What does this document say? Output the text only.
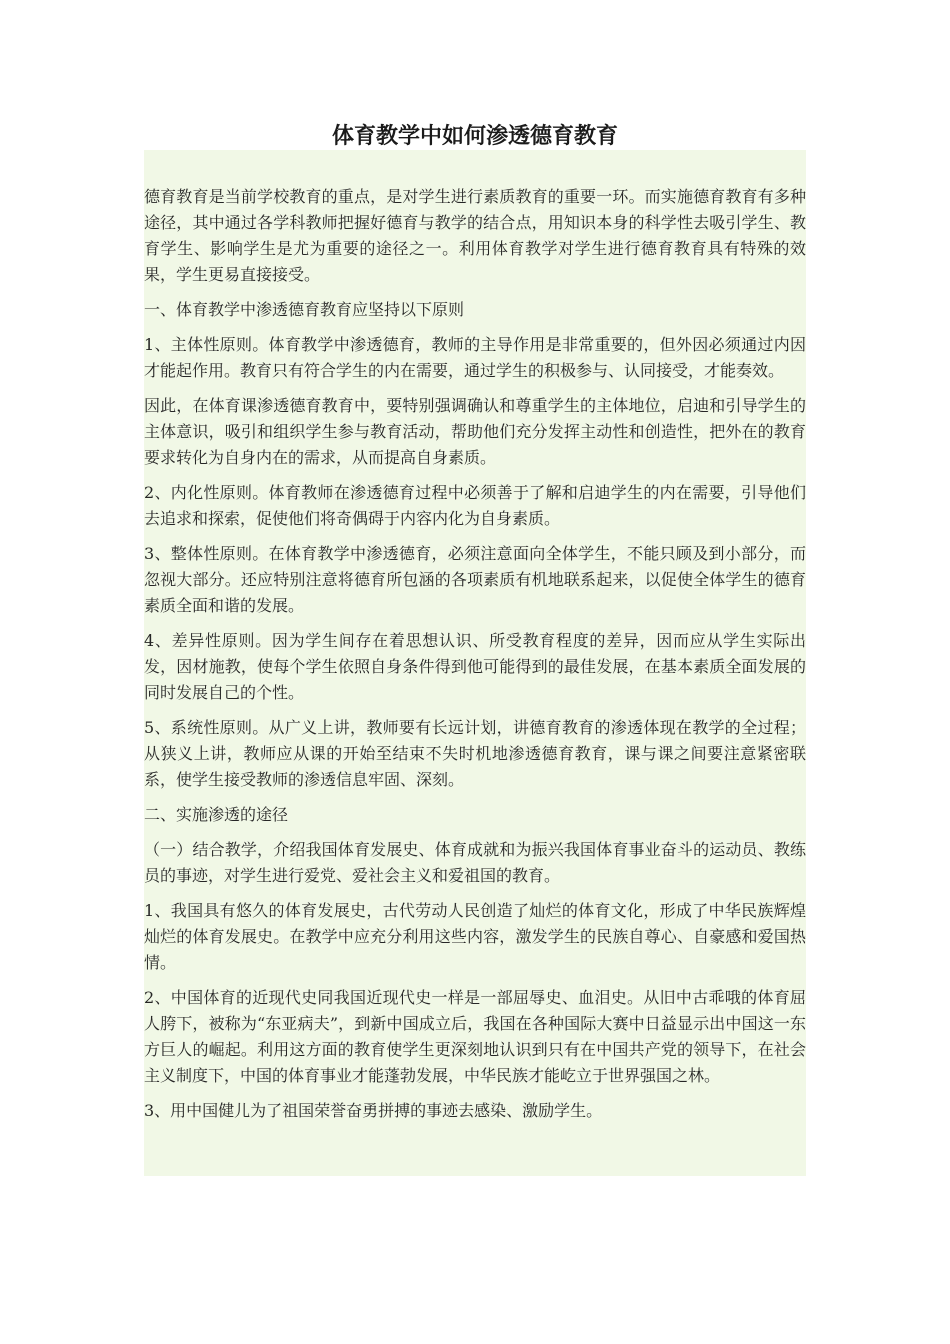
体育教学中如何渗透德育教育

德育教育是当前学校教育的重点，是对学生进行素质教育的重要一环。而实施德育教育有多种途径，其中通过各学科教师把握好德育与教学的结合点，用知识本身的科学性去吸引学生、教育学生、影响学生是尤为重要的途径之一。利用体育教学对学生进行德育教育具有特殊的效果，学生更易直接接受。

一、体育教学中渗透德育教育应坚持以下原则

1、主体性原则。体育教学中渗透德育，教师的主导作用是非常重要的，但外因必须通过内因才能起作用。教育只有符合学生的内在需要，通过学生的积极参与、认同接受，才能奏效。

因此，在体育课渗透德育教育中，要特别强调确认和尊重学生的主体地位，启迪和引导学生的主体意识，吸引和组织学生参与教育活动，帮助他们充分发挥主动性和创造性，把外在的教育要求转化为自身内在的需求，从而提高自身素质。

2、内化性原则。体育教师在渗透德育过程中必须善于了解和启迪学生的内在需要，引导他们去追求和探索，促使他们将奇偶碍于内容内化为自身素质。

3、整体性原则。在体育教学中渗透德育，必须注意面向全体学生，不能只顾及到小部分，而忽视大部分。还应特别注意将德育所包涵的各项素质有机地联系起来，以促使全体学生的德育素质全面和谐的发展。

4、差异性原则。因为学生间存在着思想认识、所受教育程度的差异，因而应从学生实际出发，因材施教，使每个学生依照自身条件得到他可能得到的最佳发展，在基本素质全面发展的同时发展自己的个性。

5、系统性原则。从广义上讲，教师要有长远计划，讲德育教育的渗透体现在教学的全过程；从狭义上讲，教师应从课的开始至结束不失时机地渗透德育教育，课与课之间要注意紧密联系，使学生接受教师的渗透信息牢固、深刻。

二、实施渗透的途径

（一）结合教学，介绍我国体育发展史、体育成就和为振兴我国体育事业奋斗的运动员、教练员的事迹，对学生进行爱党、爱社会主义和爱祖国的教育。

1、我国具有悠久的体育发展史，古代劳动人民创造了灿烂的体育文化，形成了中华民族辉煌灿烂的体育发展史。在教学中应充分利用这些内容，激发学生的民族自尊心、自豪感和爱国热情。

2、中国体育的近现代史同我国近现代史一样是一部屈辱史、血泪史。从旧中古乖哦的体育屈人胯下，被称为“东亚病夫”，到新中国成立后，我国在各种国际大赛中日益显示出中国这一东方巨人的崛起。利用这方面的教育使学生更深刻地认识到只有在中国共产党的领导下，在社会主义制度下，中国的体育事业才能蓬勃发展，中华民族才能屹立于世界强国之林。

3、用中国健儿为了祖国荣誉奋勇拼搏的事迹去感染、激励学生。
